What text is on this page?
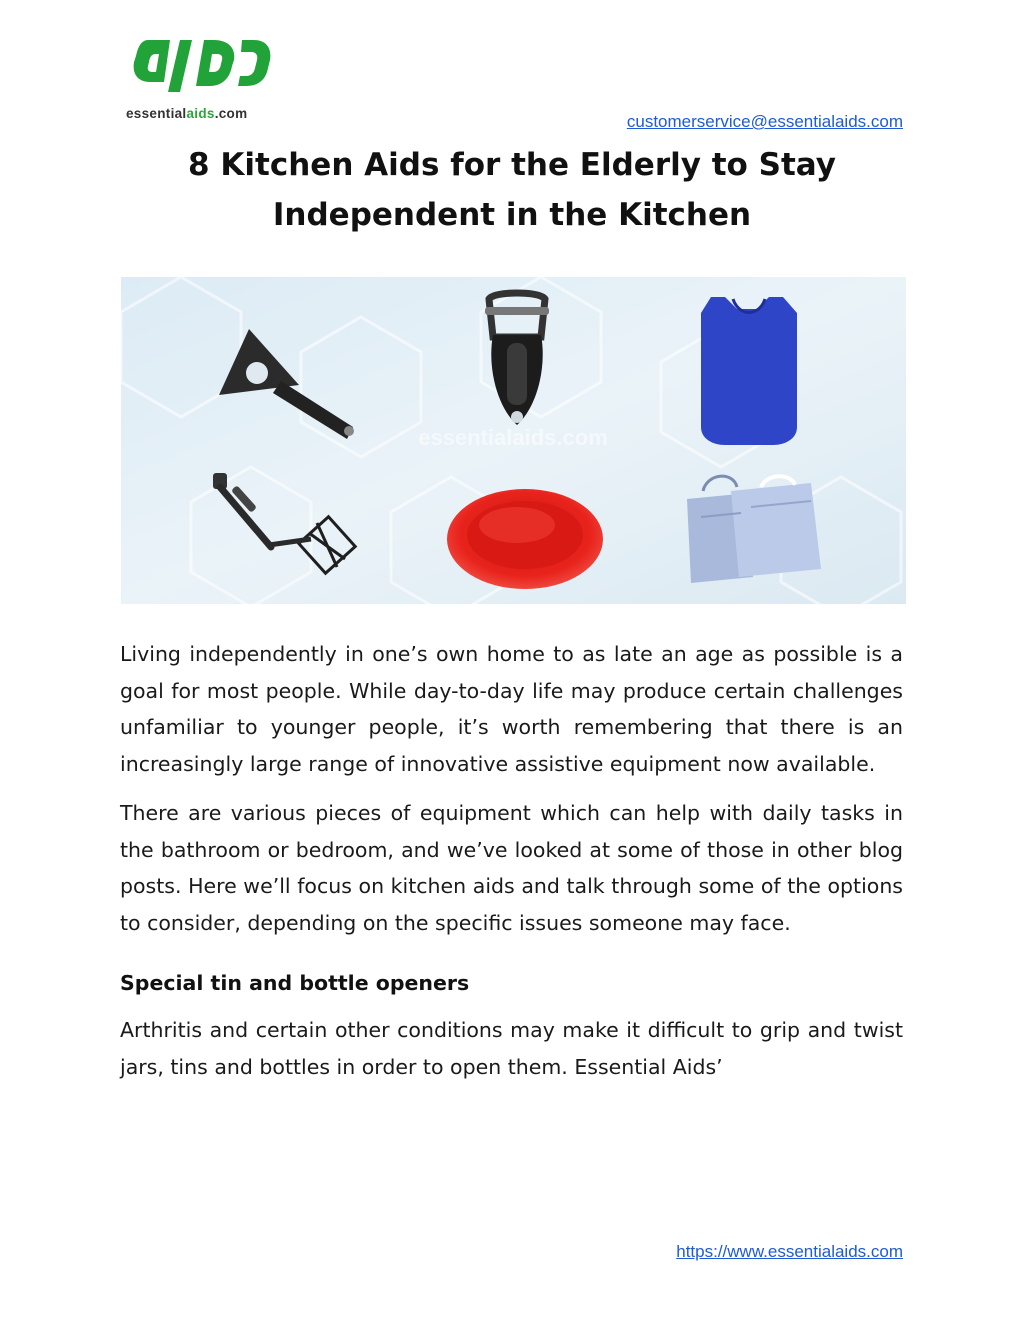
essentialaids.com	customerservice@essentialaids.com
8 Kitchen Aids for the Elderly to Stay Independent in the Kitchen
essentialaids.com

Living independently in one’s own home to as late an age as possible is a goal for most people. While day-to-day life may produce certain challenges unfamiliar to younger people, it’s worth remembering that there is an increasingly large range of innovative assistive equipment now available.

There are various pieces of equipment which can help with daily tasks in the bathroom or bedroom, and we’ve looked at some of those in other blog posts. Here we’ll focus on kitchen aids and talk through some of the options to consider, depending on the specific issues someone may face.

Special tin and bottle openers

Arthritis and certain other conditions may make it difficult to grip and twist jars, tins and bottles in order to open them. Essential Aids’

https://www.essentialaids.com
